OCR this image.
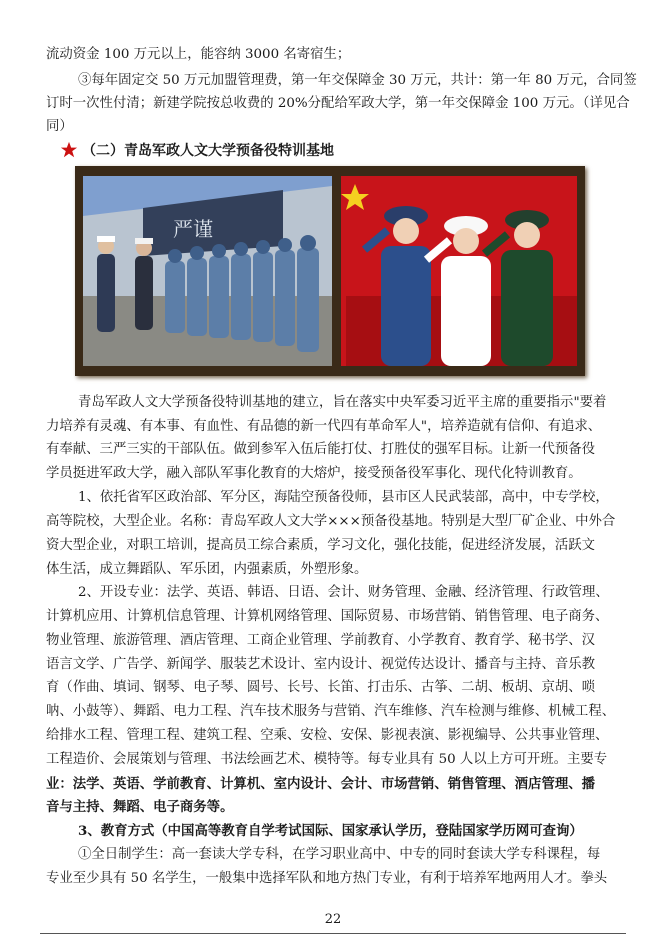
流动资金 100 万元以上，能容纳 3000 名寄宿生；
③每年固定交 50 万元加盟管理费，第一年交保障金 30 万元，共计：第一年 80 万元，合同签
订时一次性付清；新建学院按总收费的 20%分配给军政大学，第一年交保障金 100 万元。（详见合
同）
（二）青岛军政人文大学预备役特训基地
严谨
青岛军政人文大学预备役特训基地的建立，旨在落实中央军委习近平主席的重要指示"要着
力培养有灵魂、有本事、有血性、有品德的新一代四有革命军人"，培养造就有信仰、有追求、
有奉献、三严三实的干部队伍。做到参军入伍后能打仗、打胜仗的强军目标。让新一代预备役
学员挺进军政大学，融入部队军事化教育的大熔炉，接受预备役军事化、现代化特训教育。
1、依托省军区政治部、军分区，海陆空预备役师，县市区人民武装部，高中，中专学校，
高等院校，大型企业。名称：青岛军政人文大学×××预备役基地。特别是大型厂矿企业、中外合
资大型企业，对职工培训，提高员工综合素质，学习文化，强化技能，促进经济发展，活跃文
体生活，成立舞蹈队、军乐团，内强素质，外塑形象。
2、开设专业：法学、英语、韩语、日语、会计、财务管理、金融、经济管理、行政管理、
计算机应用、计算机信息管理、计算机网络管理、国际贸易、市场营销、销售管理、电子商务、
物业管理、旅游管理、酒店管理、工商企业管理、学前教育、小学教育、教育学、秘书学、汉
语言文学、广告学、新闻学、服装艺术设计、室内设计、视觉传达设计、播音与主持、音乐教
育（作曲、填词、钢琴、电子琴、圆号、长号、长笛、打击乐、古筝、二胡、板胡、京胡、唢
呐、小鼓等）、舞蹈、电力工程、汽车技术服务与营销、汽车维修、汽车检测与维修、机械工程、
给排水工程、管理工程、建筑工程、空乘、安检、安保、影视表演、影视编导、公共事业管理、
工程造价、会展策划与管理、书法绘画艺术、模特等。每专业具有 50 人以上方可开班。主要专
业：法学、英语、学前教育、计算机、室内设计、会计、市场营销、销售管理、酒店管理、播
音与主持、舞蹈、电子商务等。
3、教育方式（中国高等教育自学考试国际、国家承认学历，登陆国家学历网可查询）
①全日制学生：高一套读大学专科，在学习职业高中、中专的同时套读大学专科课程，每
专业至少具有 50 名学生，一般集中选择军队和地方热门专业，有利于培养军地两用人才。拳头
22
